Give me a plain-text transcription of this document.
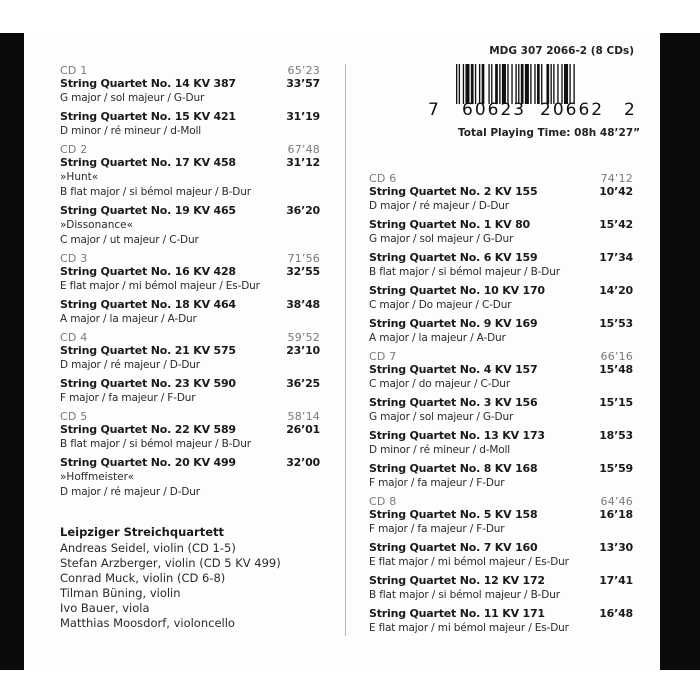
CD 1	65’23
String Quartet No. 14 KV 387	33’57
G major / sol majeur / G-Dur
String Quartet No. 15 KV 421	31’19
D minor / ré mineur / d-Moll
CD 2	67’48
String Quartet No. 17 KV 458	31’12
»Hunt«
B flat major / si bémol majeur / B-Dur
String Quartet No. 19 KV 465	36’20
»Dissonance«
C major / ut majeur / C-Dur
CD 3	71’56
String Quartet No. 16 KV 428	32’55
E flat major / mi bémol majeur / Es-Dur
String Quartet No. 18 KV 464	38’48
A major / la majeur / A-Dur
CD 4	59’52
String Quartet No. 21 KV 575	23’10
D major / ré majeur / D-Dur
String Quartet No. 23 KV 590	36’25
F major / fa majeur / F-Dur
CD 5	58’14
String Quartet No. 22 KV 589	26’01
B flat major / si bémol majeur / B-Dur
String Quartet No. 20 KV 499	32’00
»Hoffmeister«
D major / ré majeur / D-Dur
Leipziger Streichquartett
Andreas Seidel, violin (CD 1-5)
Stefan Arzberger, violin (CD 5 KV 499)
Conrad Muck, violin (CD 6-8)
Tilman Büning, violin
Ivo Bauer, viola
Matthias Moosdorf, violoncello
CD 6	74’12
String Quartet No. 2 KV 155	10’42
D major / ré majeur / D-Dur
String Quartet No. 1 KV 80	15’42
G major / sol majeur / G-Dur
String Quartet No. 6 KV 159	17’34
B flat major / si bémol majeur / B-Dur
String Quartet No. 10 KV 170	14’20
C major / Do majeur / C-Dur
String Quartet No. 9 KV 169	15’53
A major / la majeur / A-Dur
CD 7	66’16
String Quartet No. 4 KV 157	15’48
C major / do majeur / C-Dur
String Quartet No. 3 KV 156	15’15
G major / sol majeur / G-Dur
String Quartet No. 13 KV 173	18’53
D minor / ré mineur / d-Moll
String Quartet No. 8 KV 168	15’59
F major / fa majeur / F-Dur
CD 8	64’46
String Quartet No. 5 KV 158	16’18
F major / fa majeur / F-Dur
String Quartet No. 7 KV 160	13’30
E flat major / mi bémol majeur / Es-Dur
String Quartet No. 12 KV 172	17’41
B flat major / si bémol majeur / B-Dur
String Quartet No. 11 KV 171	16’48
E flat major / mi bémol majeur / Es-Dur
MDG 307 2066-2 (8 CDs)
7 60623 20662 2
Total Playing Time: 08h 48’27”
